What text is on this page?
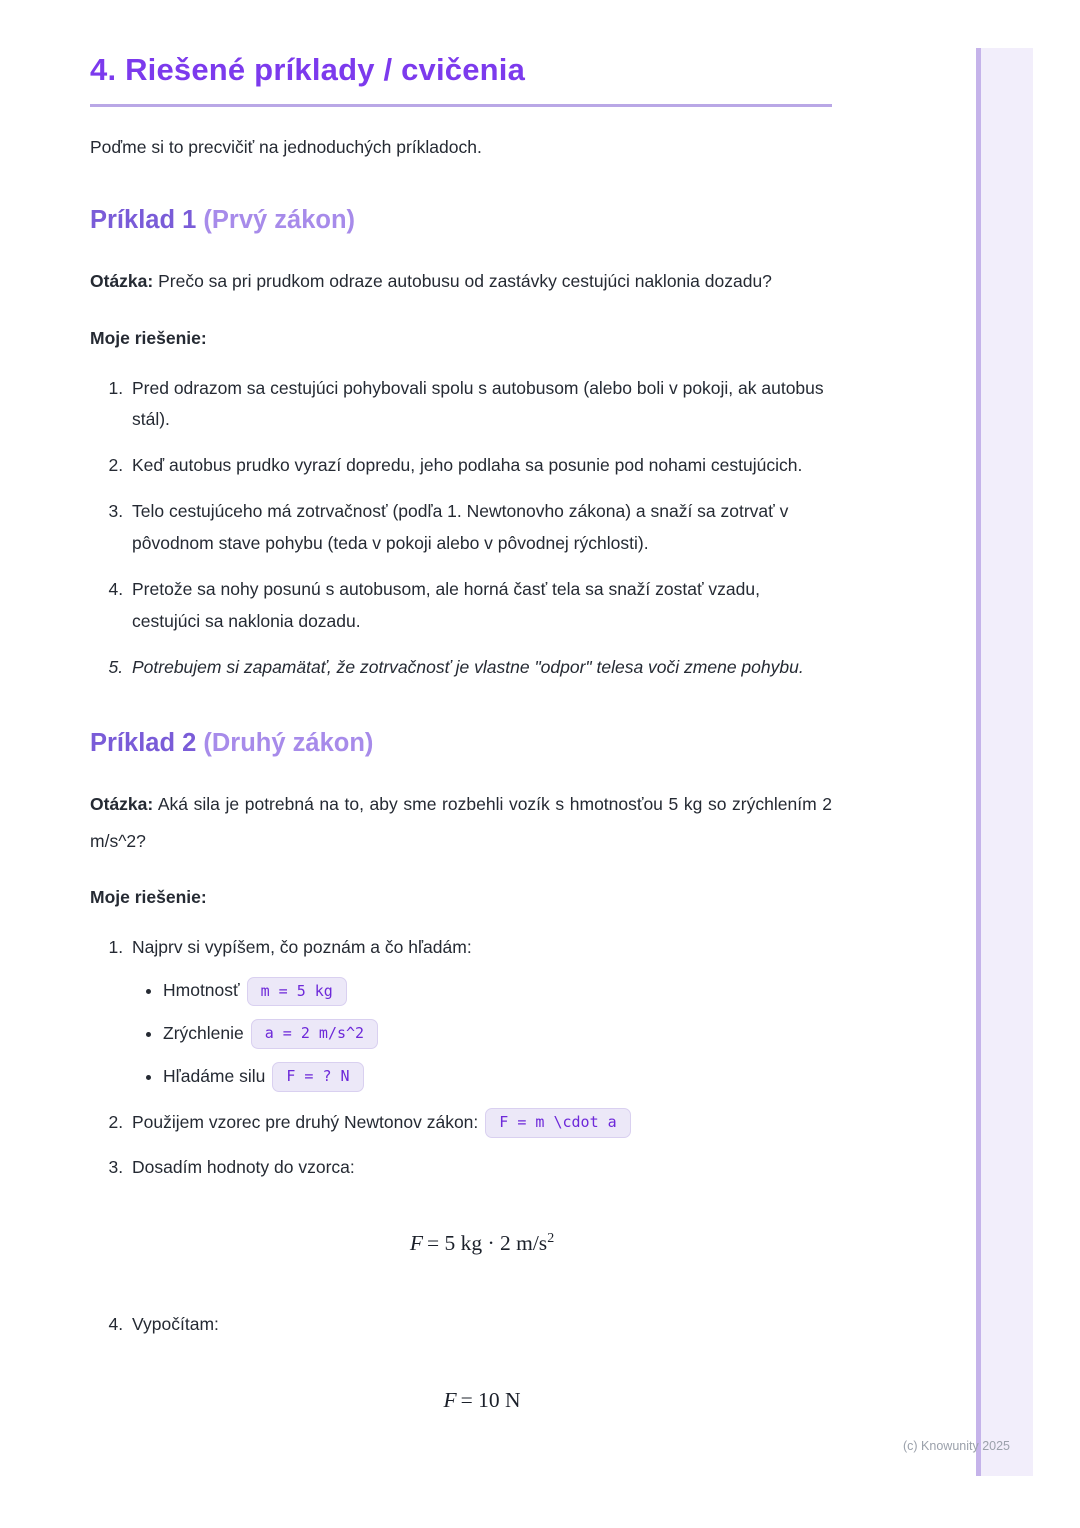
4. Riešené príklady / cvičenia

Poďme si to precvičiť na jednoduchých príkladoch.

Príklad 1 (Prvý zákon)

Otázka: Prečo sa pri prudkom odraze autobusu od zastávky cestujúci naklonia dozadu?

Moje riešenie:

1. Pred odrazom sa cestujúci pohybovali spolu s autobusom (alebo boli v pokoji, ak autobus stál).
2. Keď autobus prudko vyrazí dopredu, jeho podlaha sa posunie pod nohami cestujúcich.
3. Telo cestujúceho má zotrvačnosť (podľa 1. Newtonovho zákona) a snaží sa zotrvať v pôvodnom stave pohybu (teda v pokoji alebo v pôvodnej rýchlosti).
4. Pretože sa nohy posunú s autobusom, ale horná časť tela sa snaží zostať vzadu, cestujúci sa naklonia dozadu.
5. Potrebujem si zapamätať, že zotrvačnosť je vlastne "odpor" telesa voči zmene pohybu.
Príklad 2 (Druhý zákon)

Otázka: Aká sila je potrebná na to, aby sme rozbehli vozík s hmotnosťou 5 kg so zrýchlením 2 m/s^2?

Moje riešenie:

1. Najprv si vypíšem, čo poznám a čo hľadám:
• Hmotnosť m = 5 kg
• Zrýchlenie a = 2 m/s^2
• Hľadáme silu F = ? N
2. Použijem vzorec pre druhý Newtonov zákon: F = m \cdot a
3. Dosadím hodnoty do vzorca:
F = 5 kg · 2 $m/s^2$
4. Vypočítam:
F = 10 N
(c) Knowunity 2025
